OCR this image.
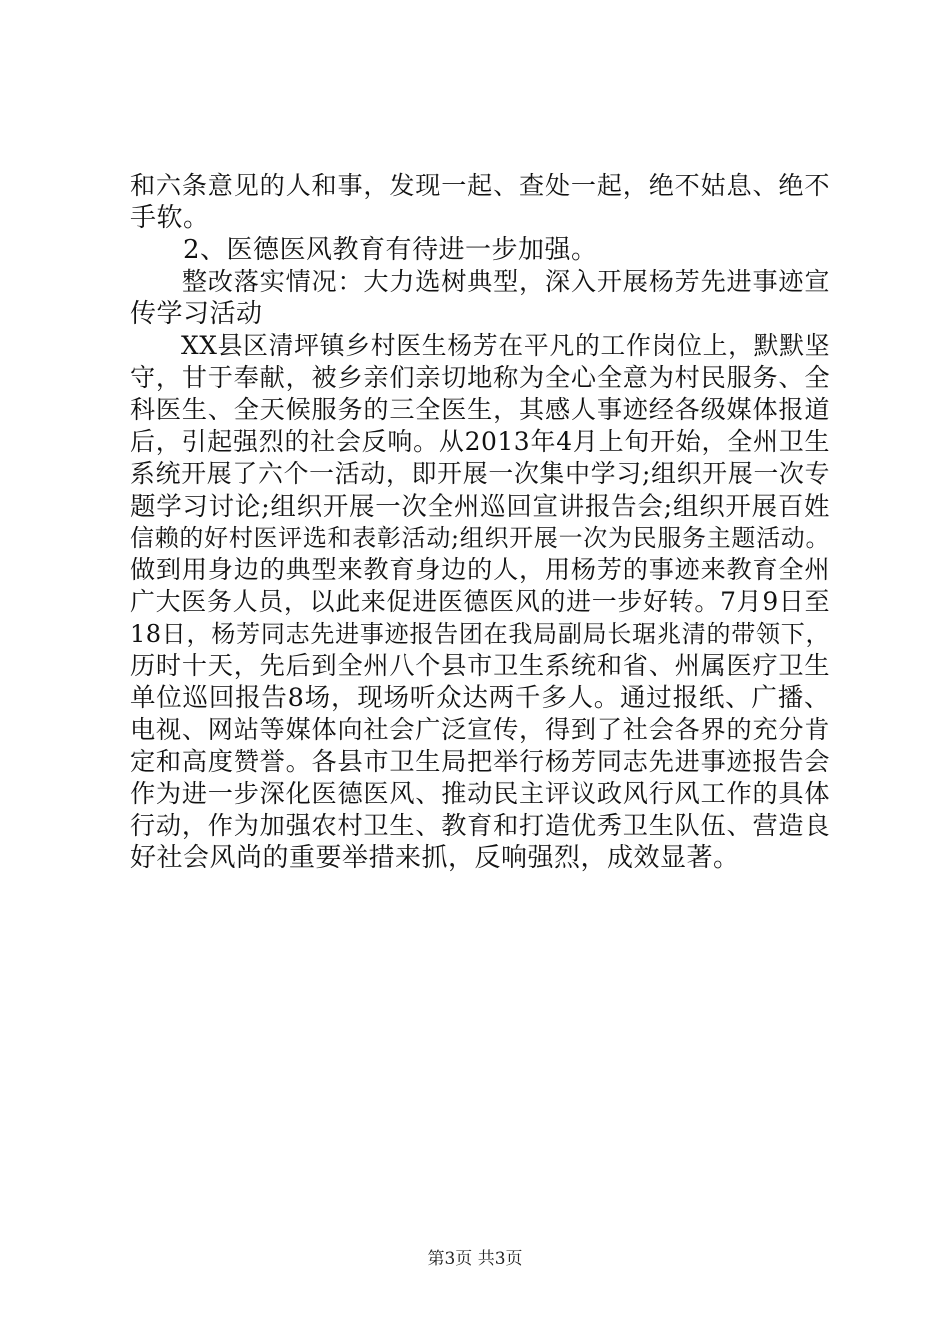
和六条意见的人和事，发现一起、查处一起，绝不姑息、绝不
手软。
　　2、医德医风教育有待进一步加强。
　　整改落实情况：大力选树典型，深入开展杨芳先进事迹宣
传学习活动
　　XX县区清坪镇乡村医生杨芳在平凡的工作岗位上，默默坚
守，甘于奉献，被乡亲们亲切地称为全心全意为村民服务、全
科医生、全天候服务的三全医生，其感人事迹经各级媒体报道
后，引起强烈的社会反响。从2013年4月上旬开始，全州卫生
系统开展了六个一活动，即开展一次集中学习;组织开展一次专
题学习讨论;组织开展一次全州巡回宣讲报告会;组织开展百姓
信赖的好村医评选和表彰活动;组织开展一次为民服务主题活动。
做到用身边的典型来教育身边的人，用杨芳的事迹来教育全州
广大医务人员，以此来促进医德医风的进一步好转。7月9日至
18日，杨芳同志先进事迹报告团在我局副局长琚兆清的带领下，
历时十天，先后到全州八个县市卫生系统和省、州属医疗卫生
单位巡回报告8场，现场听众达两千多人。通过报纸、广播、
电视、网站等媒体向社会广泛宣传，得到了社会各界的充分肯
定和高度赞誉。各县市卫生局把举行杨芳同志先进事迹报告会
作为进一步深化医德医风、推动民主评议政风行风工作的具体
行动，作为加强农村卫生、教育和打造优秀卫生队伍、营造良
好社会风尚的重要举措来抓，反响强烈，成效显著。
第3页 共3页
